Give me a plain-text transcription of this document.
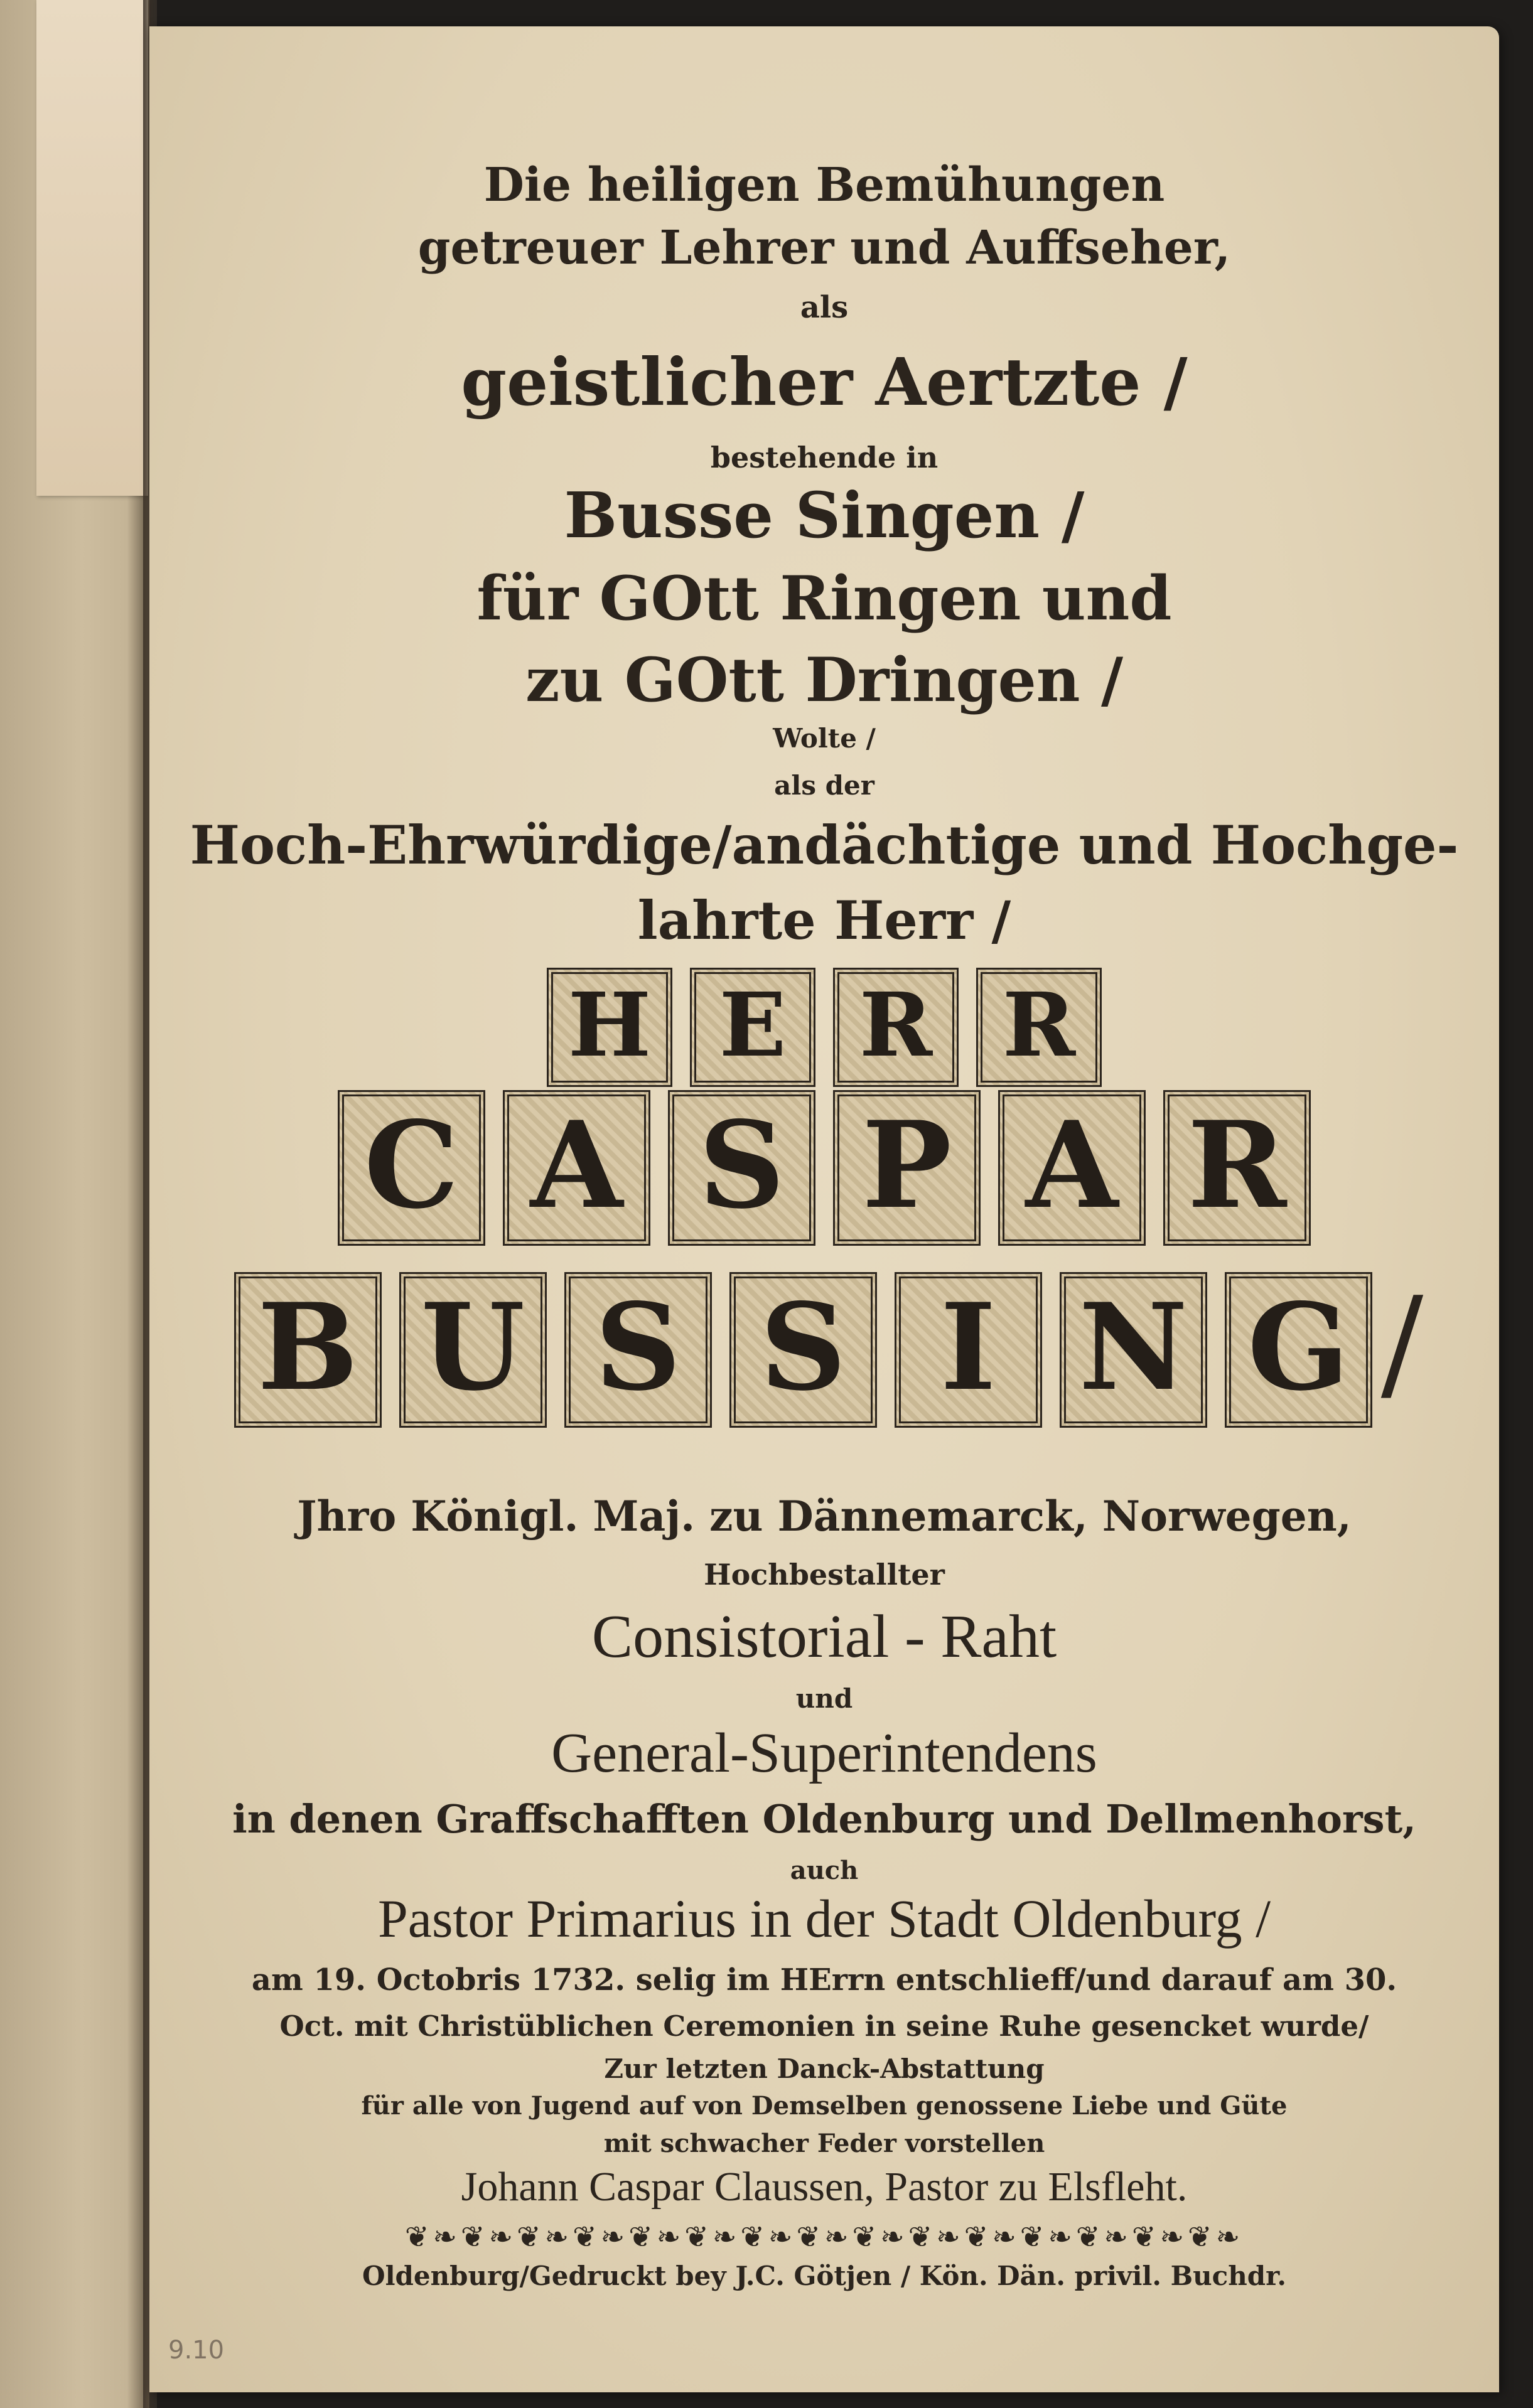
Die heiligen Bemühungen
getreuer Lehrer und Auffseher,
als
geistlicher Aertzte /
bestehende in
Busse Singen /
für GOtt Ringen und
zu GOtt Dringen /
Wolte /
als der
Hoch-Ehrwürdige/andächtige und Hochge-
lahrte Herr /
H E R R
C A S P A R
B U S S I N G /
Jhro Königl. Maj. zu Dännemarck, Norwegen,
Hochbestallter
Consistorial - Raht
und
General-Superintendens
in denen Graffschafften Oldenburg und Dellmenhorst,
auch
Pastor Primarius in der Stadt Oldenburg /
am 19. Octobris 1732. selig im HErrn entschlieff/und darauf am 30.
Oct. mit Christüblichen Ceremonien in seine Ruhe gesencket wurde/
Zur letzten Danck-Abstattung
für alle von Jugend auf von Demselben genossene Liebe und Güte
mit schwacher Feder vorstellen
Johann Caspar Claussen, Pastor zu Elsfleht.
❦❧❦❧❦❧❦❧❦❧❦❧❦❧❦❧❦❧❦❧❦❧❦❧❦❧❦❧❦❧
Oldenburg/Gedruckt bey J.C. Götjen / Kön. Dän. privil. Buchdr.
9.10
